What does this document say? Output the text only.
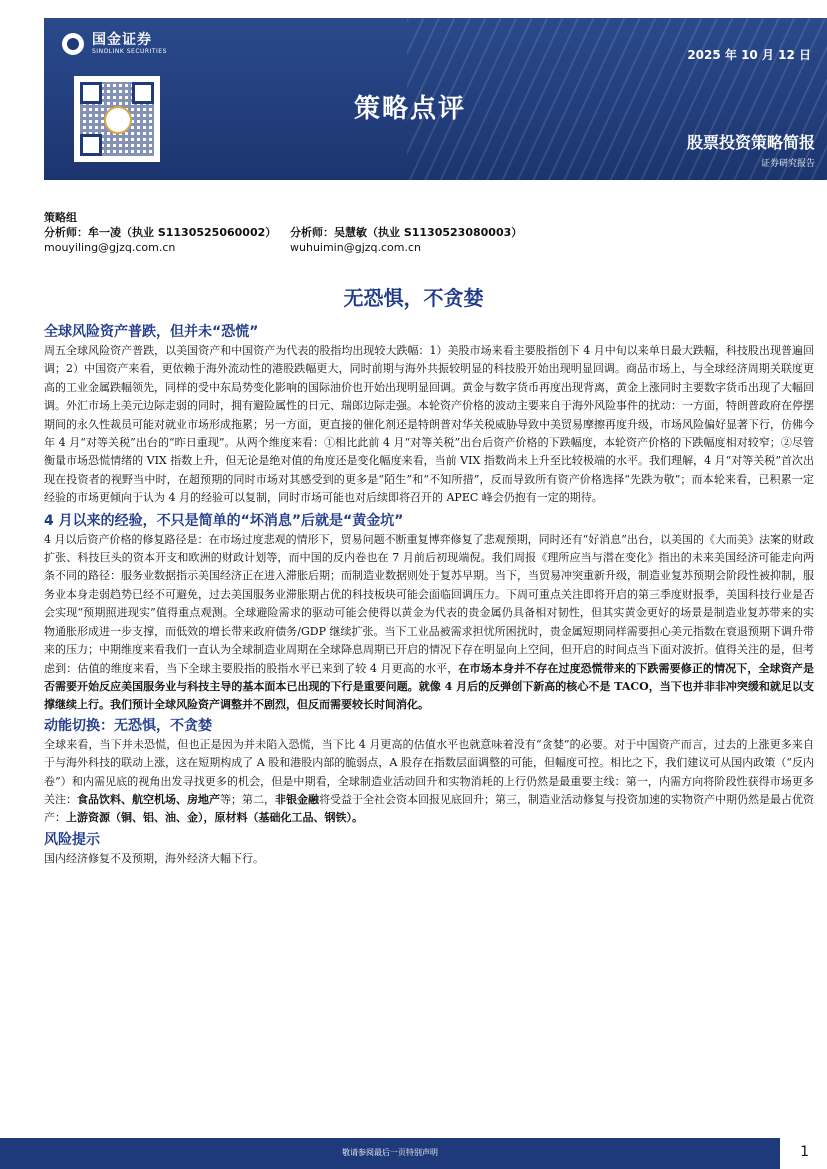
国金证券
SINOLINK SECURITIES	2025 年 10 月 12 日
策略点评
股票投资策略简报
证券研究报告
策略组
分析师：牟一凌（执业 S1130525060002）	分析师：吴慧敏（执业 S1130523080003）
mouyiling@gjzq.com.cn	wuhuimin@gjzq.com.cn
无恐惧，不贪婪
全球风险资产普跌，但并未“恐慌”

周五全球风险资产普跌，以美国资产和中国资产为代表的股指均出现较大跌幅：1）美股市场来看主要股指创下 4 月中旬以来单日最大跌幅，科技股出现普遍回调；2）中国资产来看，更依赖于海外流动性的港股跌幅更大，同时前期与海外共振较明显的科技股开始出现明显回调。商品市场上，与全球经济周期关联度更高的工业金属跌幅领先，同样的受中东局势变化影响的国际油价也开始出现明显回调。黄金与数字货币再度出现背离，黄金上涨同时主要数字货币出现了大幅回调。外汇市场上美元边际走弱的同时，拥有避险属性的日元、瑞郎边际走强。本轮资产价格的波动主要来自于海外风险事件的扰动：一方面，特朗普政府在停摆期间的永久性裁员可能对就业市场形成拖累；另一方面，更直接的催化剂还是特朗普对华关税威胁导致中美贸易摩擦再度升级，市场风险偏好显著下行，仿佛今年 4 月“对等关税”出台的“昨日重现”。从两个维度来看：①相比此前 4 月“对等关税”出台后资产价格的下跌幅度，本轮资产价格的下跌幅度相对较窄；②尽管衡量市场恐慌情绪的 VIX 指数上升，但无论是绝对值的角度还是变化幅度来看，当前 VIX 指数尚未上升至比较极端的水平。我们理解，4 月“对等关税”首次出现在投资者的视野当中时，在超预期的同时市场对其感受到的更多是“陌生”和“不知所措”，反而导致所有资产价格选择“先跌为敬”；而本轮来看，已积累一定经验的市场更倾向于认为 4 月的经验可以复制，同时市场可能也对后续即将召开的 APEC 峰会仍抱有一定的期待。

4 月以来的经验，不只是简单的“坏消息”后就是“黄金坑”

4 月以后资产价格的修复路径是：在市场过度悲观的情形下，贸易问题不断重复博弈修复了悲观预期，同时还有“好消息”出台，以美国的《大而美》法案的财政扩张、科技巨头的资本开支和欧洲的财政计划等，而中国的反内卷也在 7 月前后初现端倪。我们周报《理所应当与潜在变化》指出的未来美国经济可能走向两条不同的路径：服务业数据指示美国经济正在进入滞胀后期；而制造业数据则处于复苏早期。当下，当贸易冲突重新升级，制造业复苏预期会阶段性被抑制，服务业本身走弱趋势已经不可避免，过去美国服务业滞胀期占优的科技板块可能会面临回调压力。下周可重点关注即将开启的第三季度财报季，美国科技行业是否会实现“预期照进现实”值得重点观测。全球避险需求的驱动可能会使得以黄金为代表的贵金属仍具备相对韧性，但其实黄金更好的场景是制造业复苏带来的实物通胀形成进一步支撑，而低效的增长带来政府债务/GDP 继续扩张。当下工业品被需求担忧所困扰时，贵金属短期同样需要担心美元指数在衰退预期下调升带来的压力；中期维度来看我们一直认为全球制造业周期在全球降息周期已开启的情况下存在明显向上空间，但开启的时间点当下面对波折。值得关注的是，但考虑到：估值的维度来看，当下全球主要股指的股指水平已来到了较 4 月更高的水平，在市场本身并不存在过度恐慌带来的下跌需要修正的情况下，全球资产是否需要开始反应美国服务业与科技主导的基本面本已出现的下行是重要问题。就像 4 月后的反弹创下新高的核心不是 TACO，当下也并非非冲突缓和就足以支撑继续上行。我们预计全球风险资产调整并不剧烈，但反而需要较长时间消化。

动能切换：无恐惧，不贪婪

全球来看，当下并未恐慌，但也正是因为并未陷入恐慌，当下比 4 月更高的估值水平也就意味着没有“贪婪”的必要。对于中国资产而言，过去的上涨更多来自于与海外科技的联动上涨，这在短期构成了 A 股和港股内部的脆弱点，A 股存在指数层面调整的可能，但幅度可控。相比之下，我们建议可从国内政策（“反内卷”）和内需见底的视角出发寻找更多的机会，但是中期看，全球制造业活动回升和实物消耗的上行仍然是最重要主线：第一，内需方向将阶段性获得市场更多关注：食品饮料、航空机场、房地产等；第二，非银金融将受益于全社会资本回报见底回升；第三，制造业活动修复与投资加速的实物资产中期仍然是最占优资产：上游资源（铜、铝、油、金），原材料（基础化工品、钢铁）。

风险提示

国内经济修复不及预期，海外经济大幅下行。

敬请参阅最后一页特别声明	1
